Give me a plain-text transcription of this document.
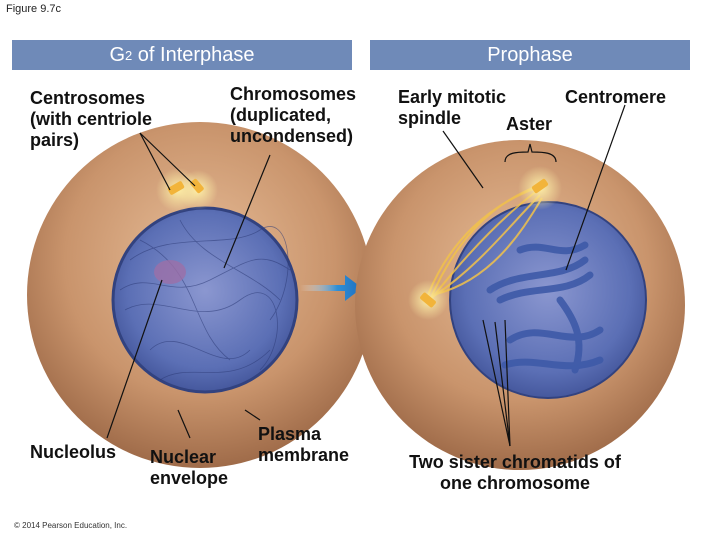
Figure 9.7c
G 2 of Interphase	Prophase
Centrosomes
(with centriole
pairs)
Chromosomes
(duplicated,
uncondensed)
Early mitotic
spindle
Centromere
Aster
Nucleolus Nuclear
envelope
Plasma
membrane	Two sister chromatids of
one chromosome
© 2014 Pearson Education, Inc.
